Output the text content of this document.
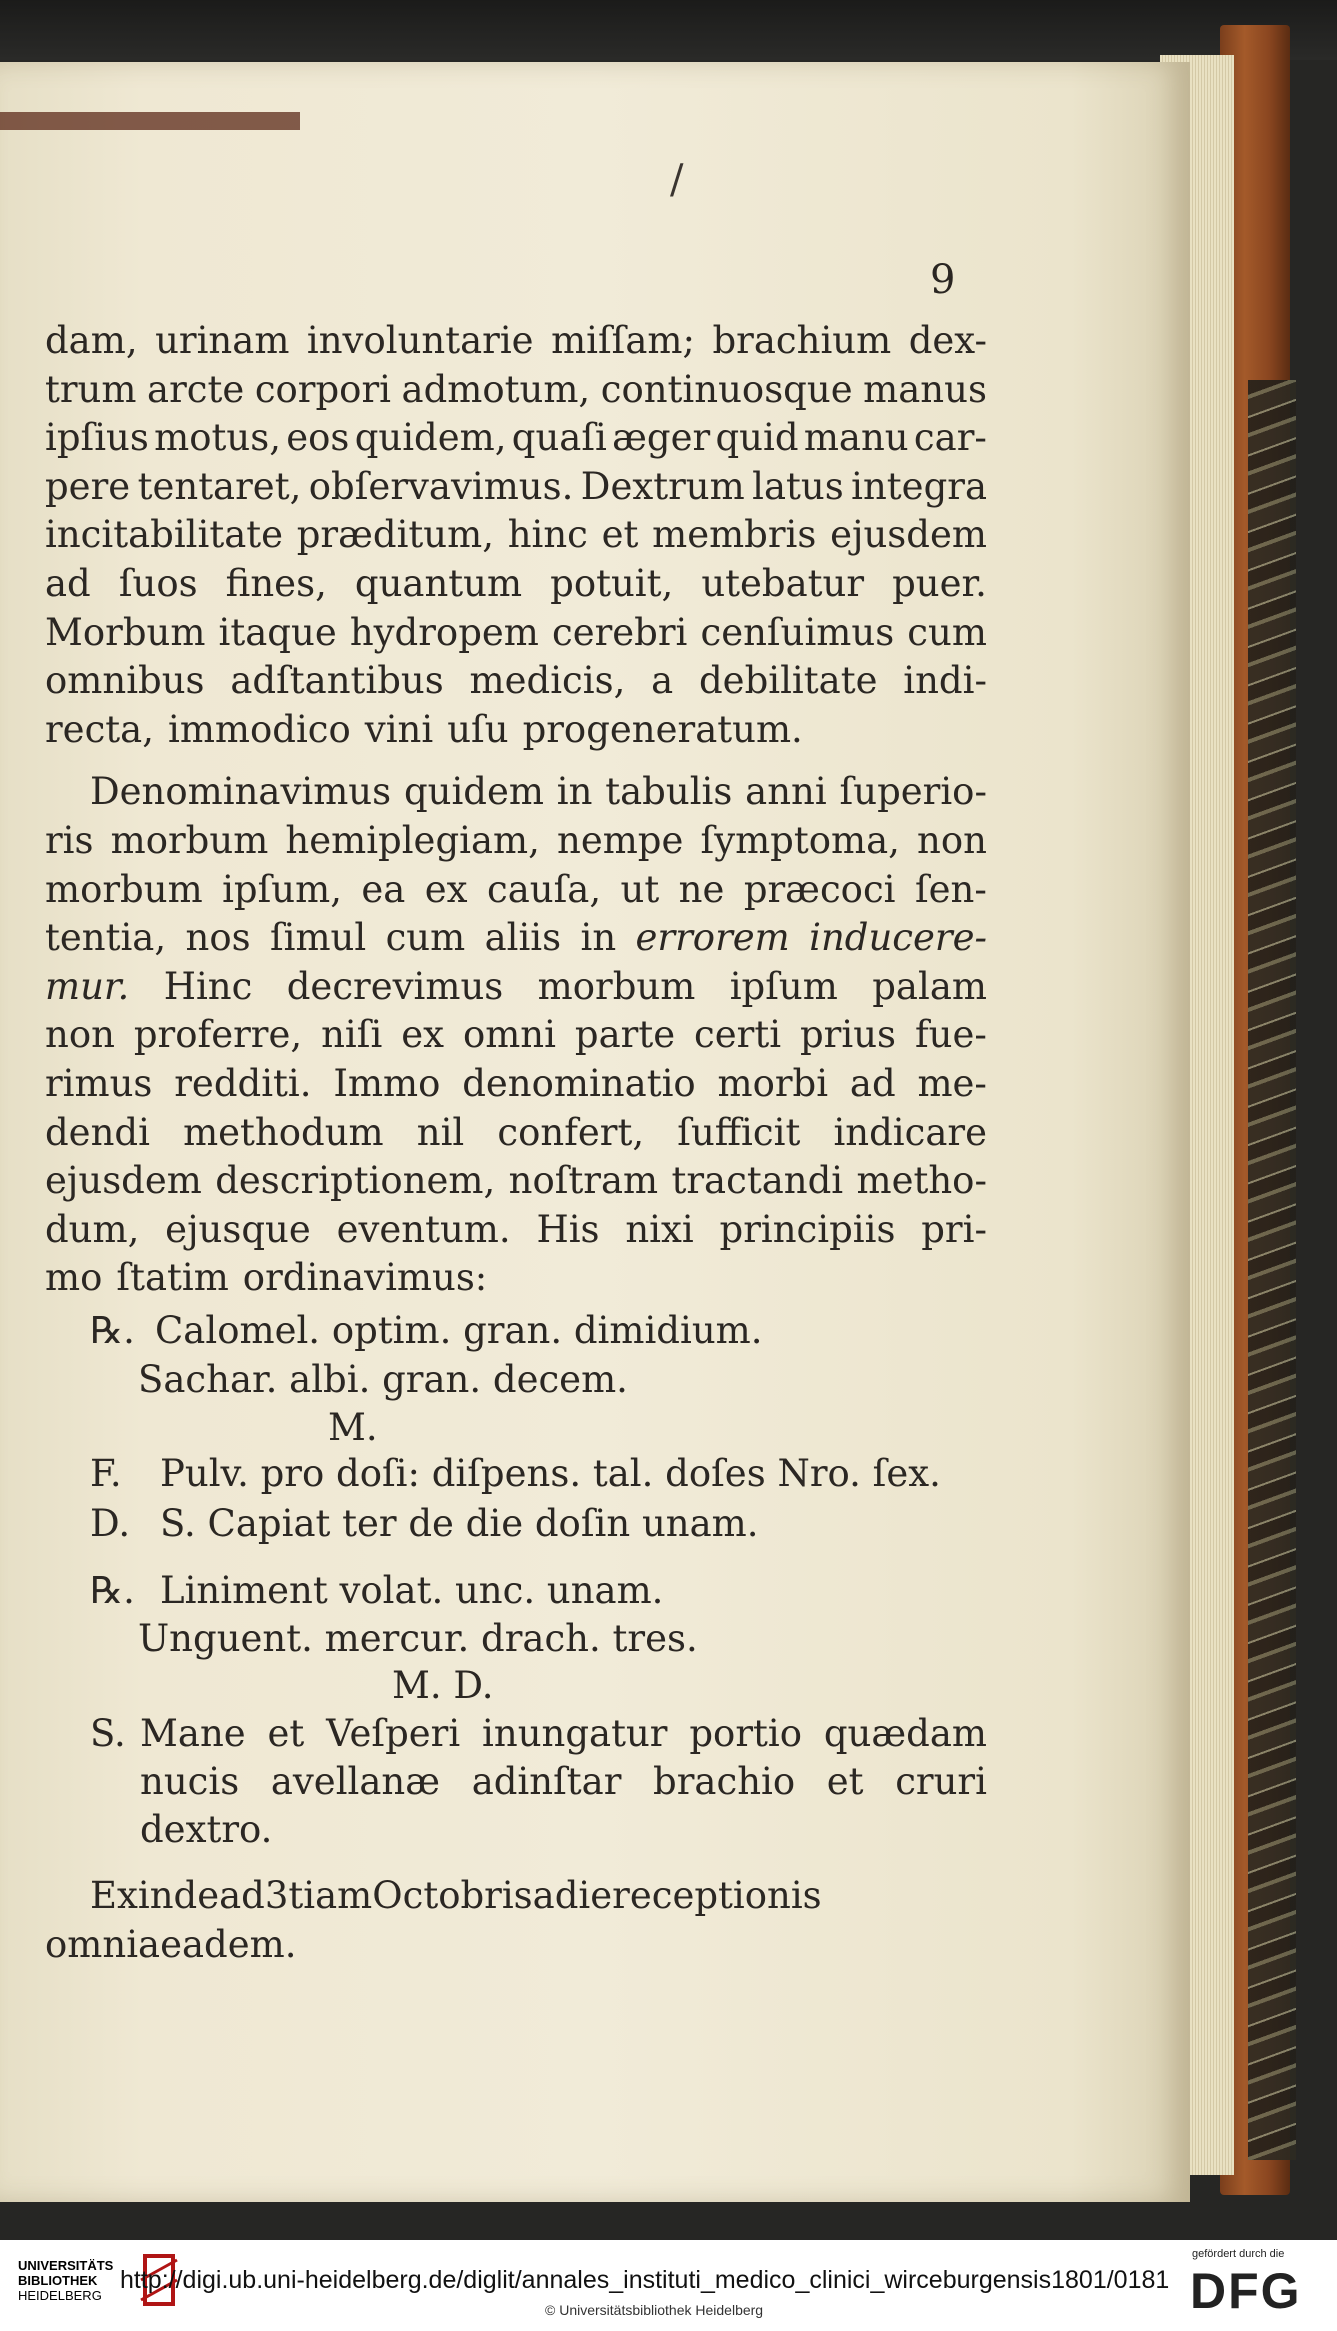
/
9
dam, urinam involuntarie miſſam; brachium dex-
trum arcte corpori admotum, continuosque manus
ipſius motus, eos quidem, quaſi æger quid manu car-
pere tentaret, obſervavimus. Dextrum latus integra
incitabilitate præditum, hinc et membris ejusdem
ad ſuos fines, quantum potuit, utebatur puer.
Morbum itaque hydropem cerebri cenſuimus cum
omnibus adſtantibus medicis, a debilitate indi-
recta, immodico vini uſu progeneratum.
Denominavimus quidem in tabulis anni ſuperio-
ris morbum hemiplegiam, nempe ſymptoma, non
morbum ipſum, ea ex cauſa, ut ne præcoci ſen-
tentia, nos ſimul cum aliis in errorem inducere-
mur. Hinc decrevimus morbum ipſum palam
non proferre, niſi ex omni parte certi prius fue-
rimus redditi. Immo denominatio morbi ad me-
dendi methodum nil confert, ſufficit indicare
ejusdem descriptionem, noſtram tractandi metho-
dum, ejusque eventum. His nixi principiis pri-
mo ſtatim ordinavimus:
℞. Calomel. optim. gran. dimidium.
Sachar. albi. gran. decem.
M.
F. Pulv. pro doſi: diſpens. tal. doſes Nro. ſex.
D. S. Capiat ter de die doſin unam.
℞. Liniment volat. unc. unam.
Unguent. mercur. drach. tres.
M. D.
S. Mane et Veſperi inungatur portio quædam
nucis avellanæ adinſtar brachio et cruri
dextro.
Exindead3tiamOctobrisadiereceptionis
omniaeadem.
UNIVERSITÄTS
BIBLIOTHEK
HEIDELBERG
http://digi.ub.uni-heidelberg.de/diglit/annales_instituti_medico_clinici_wirceburgensis1801/0181
© Universitätsbibliothek Heidelberg
gefördert durch die
DFG
